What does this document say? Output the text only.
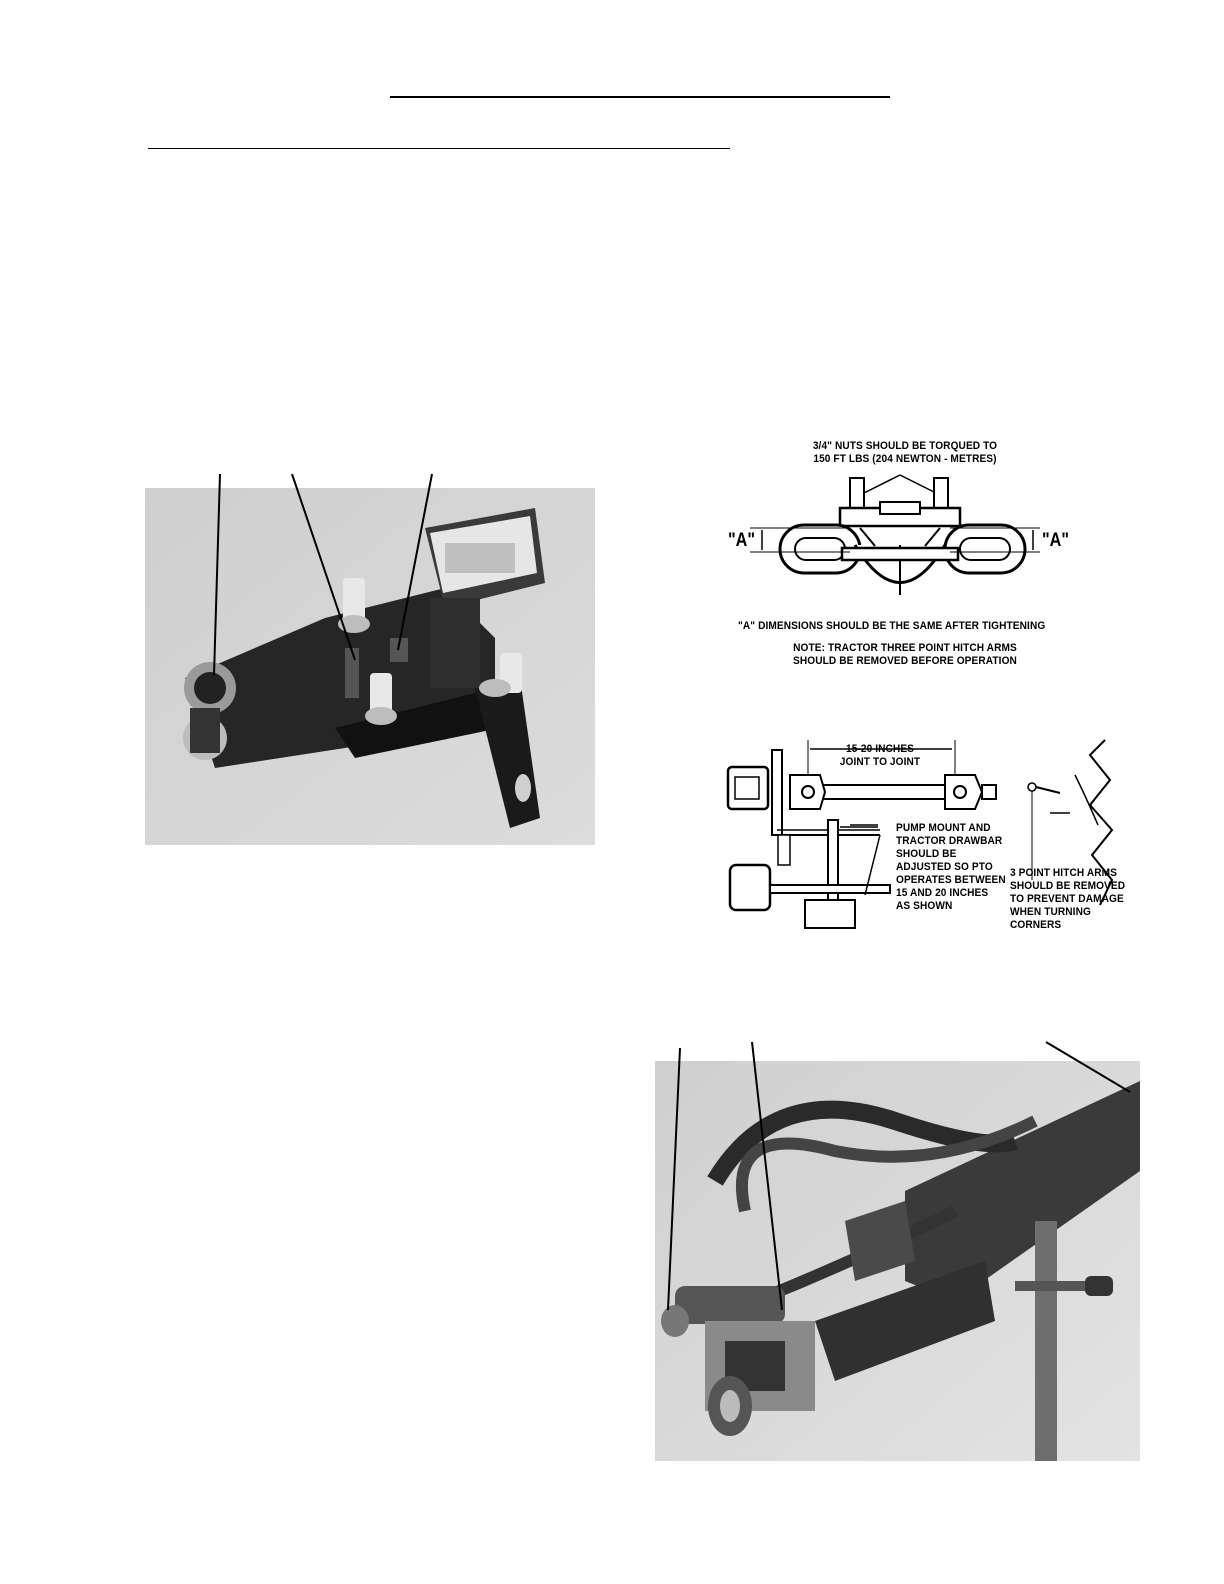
3/4" NUTS SHOULD BE TORQUED TO
150 FT LBS (204 NEWTON - METRES)
"A"	"A"
"A" DIMENSIONS SHOULD BE THE SAME AFTER TIGHTENING
NOTE: TRACTOR THREE POINT HITCH ARMS
SHOULD BE REMOVED BEFORE OPERATION
15-20 INCHES
JOINT TO JOINT
PUMP MOUNT AND
TRACTOR DRAWBAR
SHOULD BE
ADJUSTED SO PTO
OPERATES BETWEEN
15 AND 20 INCHES
AS SHOWN
3 POINT HITCH ARMS
SHOULD BE REMOVED
TO PREVENT DAMAGE
WHEN TURNING CORNERS
